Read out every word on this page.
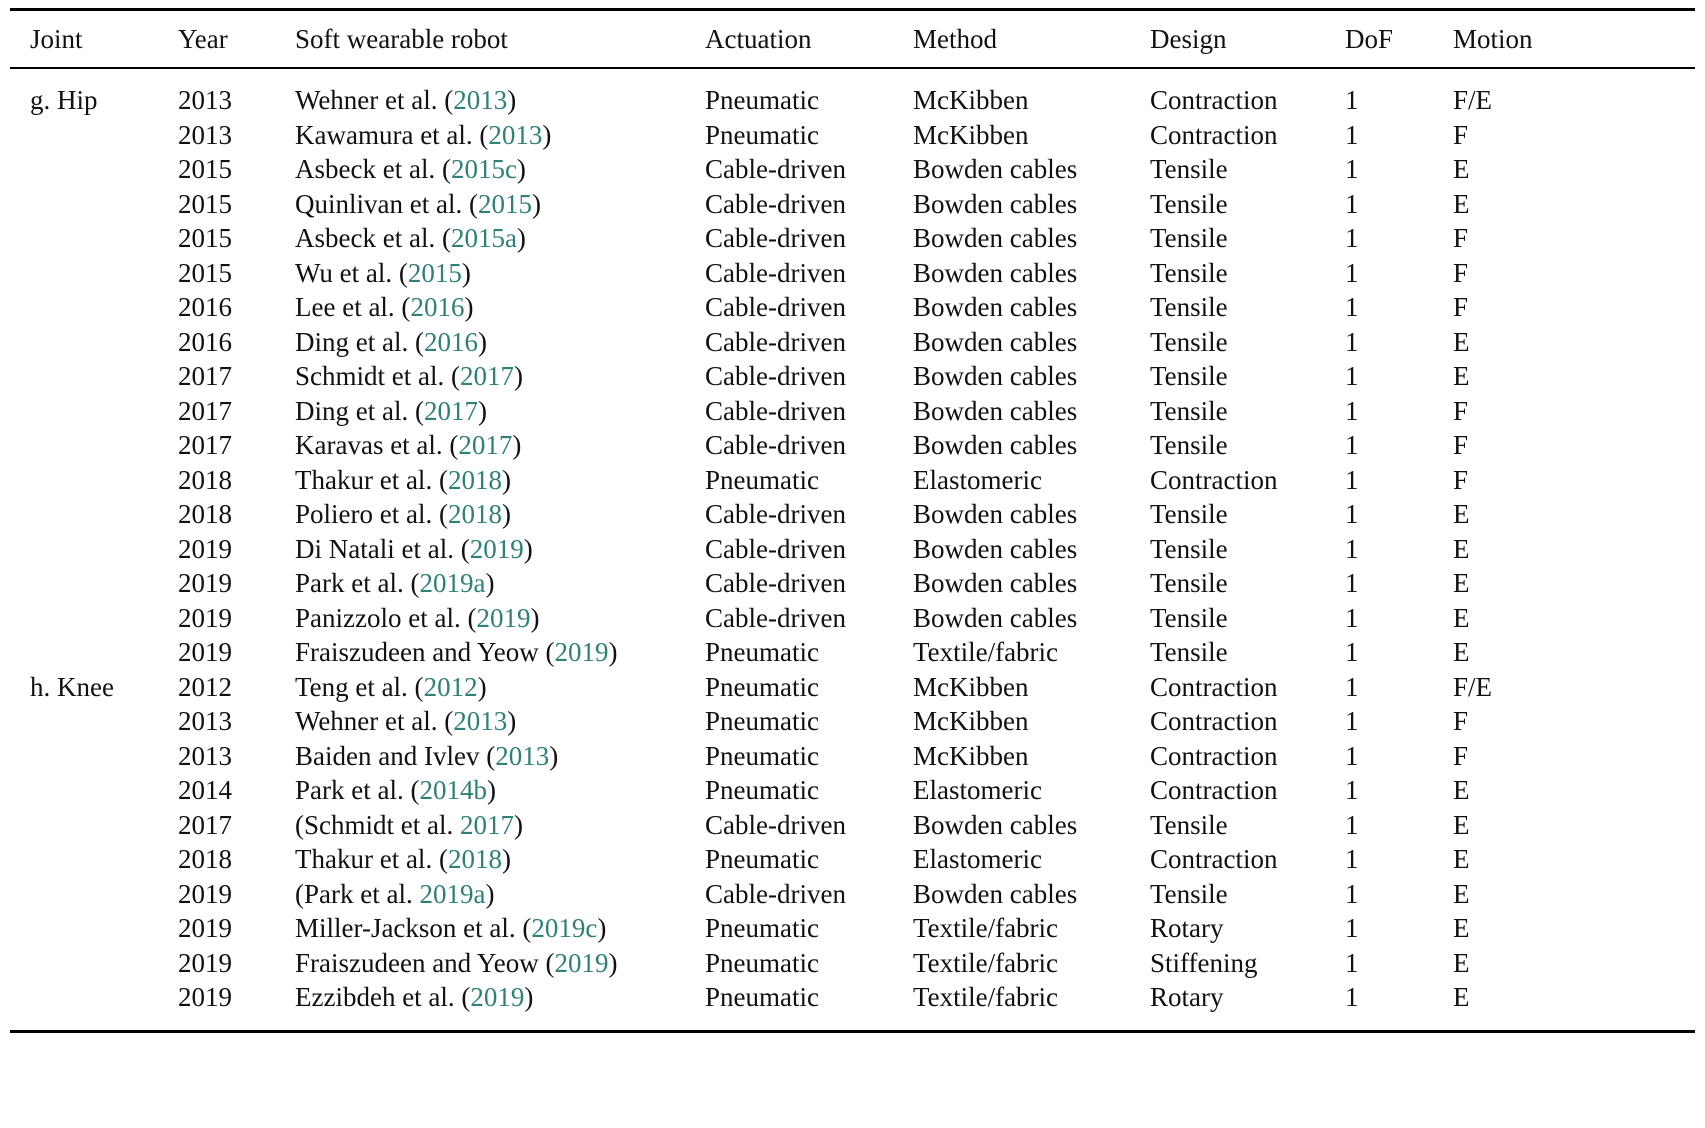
Joint	Year	Soft wearable robot	Actuation	Method	Design	DoF	Motion
g. Hip	2013	Wehner et al. (2013)	Pneumatic	McKibben	Contraction	1	F/E
	2013	Kawamura et al. (2013)	Pneumatic	McKibben	Contraction	1	F
	2015	Asbeck et al. (2015c)	Cable-driven	Bowden cables	Tensile	1	E
	2015	Quinlivan et al. (2015)	Cable-driven	Bowden cables	Tensile	1	E
	2015	Asbeck et al. (2015a)	Cable-driven	Bowden cables	Tensile	1	F
	2015	Wu et al. (2015)	Cable-driven	Bowden cables	Tensile	1	F
	2016	Lee et al. (2016)	Cable-driven	Bowden cables	Tensile	1	F
	2016	Ding et al. (2016)	Cable-driven	Bowden cables	Tensile	1	E
	2017	Schmidt et al. (2017)	Cable-driven	Bowden cables	Tensile	1	E
	2017	Ding et al. (2017)	Cable-driven	Bowden cables	Tensile	1	F
	2017	Karavas et al. (2017)	Cable-driven	Bowden cables	Tensile	1	F
	2018	Thakur et al. (2018)	Pneumatic	Elastomeric	Contraction	1	F
	2018	Poliero et al. (2018)	Cable-driven	Bowden cables	Tensile	1	E
	2019	Di Natali et al. (2019)	Cable-driven	Bowden cables	Tensile	1	E
	2019	Park et al. (2019a)	Cable-driven	Bowden cables	Tensile	1	E
	2019	Panizzolo et al. (2019)	Cable-driven	Bowden cables	Tensile	1	E
	2019	Fraiszudeen and Yeow (2019)	Pneumatic	Textile/fabric	Tensile	1	E
h. Knee	2012	Teng et al. (2012)	Pneumatic	McKibben	Contraction	1	F/E
	2013	Wehner et al. (2013)	Pneumatic	McKibben	Contraction	1	F
	2013	Baiden and Ivlev (2013)	Pneumatic	McKibben	Contraction	1	F
	2014	Park et al. (2014b)	Pneumatic	Elastomeric	Contraction	1	E
	2017	(Schmidt et al. 2017)	Cable-driven	Bowden cables	Tensile	1	E
	2018	Thakur et al. (2018)	Pneumatic	Elastomeric	Contraction	1	E
	2019	(Park et al. 2019a)	Cable-driven	Bowden cables	Tensile	1	E
	2019	Miller-Jackson et al. (2019c)	Pneumatic	Textile/fabric	Rotary	1	E
	2019	Fraiszudeen and Yeow (2019)	Pneumatic	Textile/fabric	Stiffening	1	E
	2019	Ezzibdeh et al. (2019)	Pneumatic	Textile/fabric	Rotary	1	E
